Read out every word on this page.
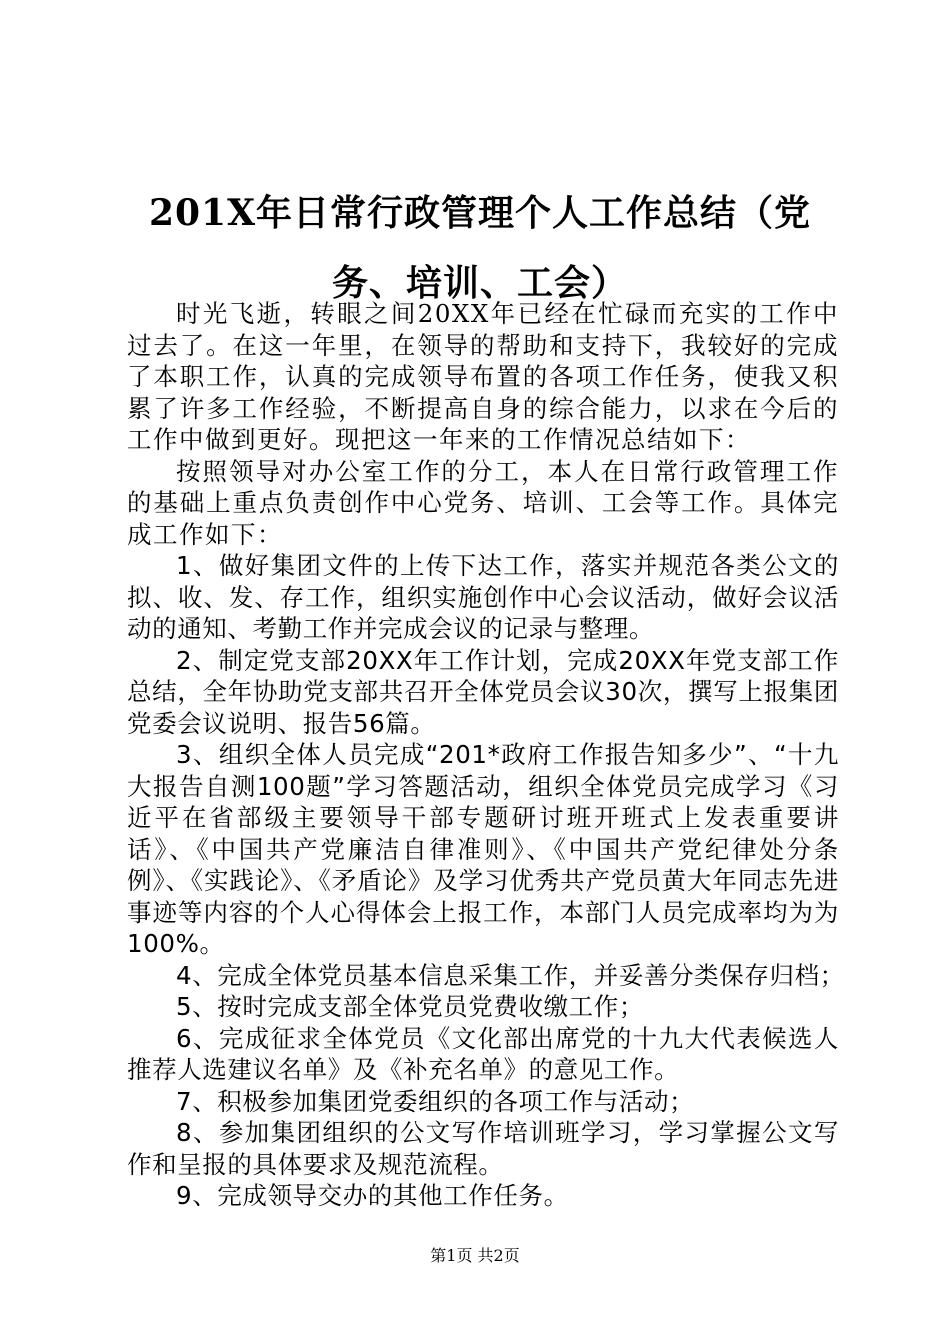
201X年日常行政管理个人工作总结（党务、培训、工会）

时光飞逝，转眼之间20XX年已经在忙碌而充实的工作中过去了。在这一年里，在领导的帮助和支持下，我较好的完成了本职工作，认真的完成领导布置的各项工作任务，使我又积累了许多工作经验，不断提高自身的综合能力，以求在今后的工作中做到更好。现把这一年来的工作情况总结如下：

按照领导对办公室工作的分工，本人在日常行政管理工作的基础上重点负责创作中心党务、培训、工会等工作。具体完成工作如下：

1、做好集团文件的上传下达工作，落实并规范各类公文的拟、收、发、存工作，组织实施创作中心会议活动，做好会议活动的通知、考勤工作并完成会议的记录与整理。

2、制定党支部20XX年工作计划，完成20XX年党支部工作总结，全年协助党支部共召开全体党员会议30次，撰写上报集团党委会议说明、报告56篇。

3、组织全体人员完成“201*政府工作报告知多少”、“十九大报告自测100题”学习答题活动，组织全体党员完成学习《习近平在省部级主要领导干部专题研讨班开班式上发表重要讲话》、《中国共产党廉洁自律准则》、《中国共产党纪律处分条例》、《实践论》、《矛盾论》及学习优秀共产党员黄大年同志先进事迹等内容的个人心得体会上报工作，本部门人员完成率均为为100%。

4、完成全体党员基本信息采集工作，并妥善分类保存归档；

5、按时完成支部全体党员党费收缴工作；

6、完成征求全体党员《文化部出席党的十九大代表候选人推荐人选建议名单》及《补充名单》的意见工作。

7、积极参加集团党委组织的各项工作与活动；

8、参加集团组织的公文写作培训班学习，学习掌握公文写作和呈报的具体要求及规范流程。

9、完成领导交办的其他工作任务。

第1页 共2页
